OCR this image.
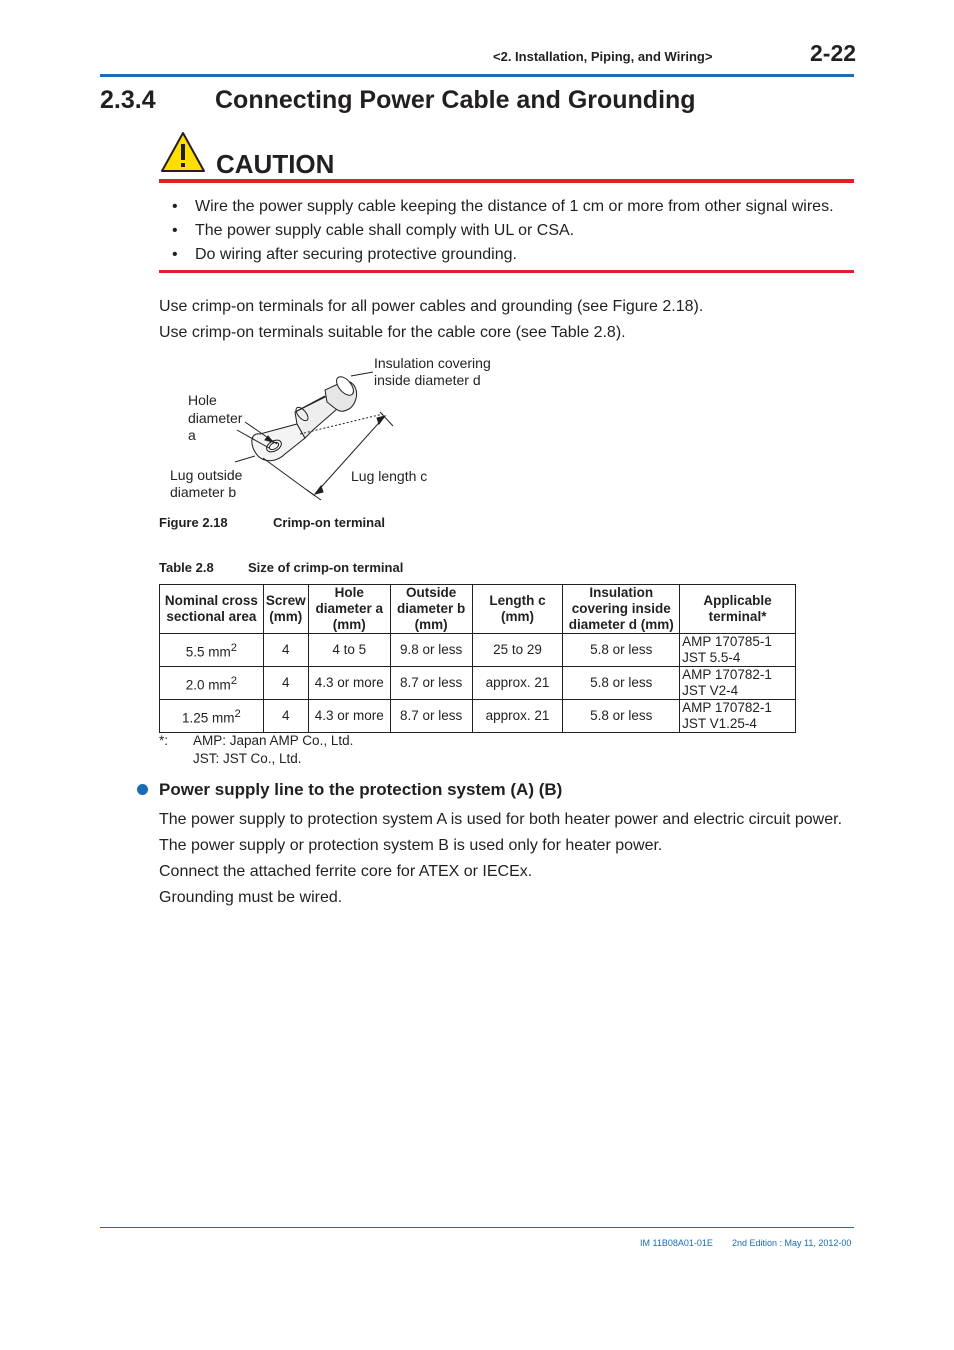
<2. Installation, Piping, and Wiring>	2-22
2.3.4 Connecting Power Cable and Grounding
CAUTION
• Wire the power supply cable keeping the distance of 1 cm or more from other signal wires.
• The power supply cable shall comply with UL or CSA.
• Do wiring after securing protective grounding.
Use crimp-on terminals for all power cables and grounding (see Figure 2.18).
Use crimp-on terminals suitable for the cable core (see Table 2.8).
Insulation covering
inside diameter d
Hole
diameter
a
Lug outside
diameter b
Lug length c
Figure 2.18	Crimp-on terminal
Table 2.8	Size of crimp-on terminal
Nominal cross sectional area	Screw (mm)	Hole diameter a (mm)	Outside diameter b (mm)	Length c (mm)	Insulation covering inside diameter d (mm)	Applicable terminal*
5.5 $mm^2$	4	4 to 5	9.8 or less	25 to 29	5.8 or less	AMP 170785-1
JST 5.5-4

2.0 $mm^2$	4	4.3 or more	8.7 or less	approx. 21	5.8 or less	AMP 170782-1
JST V2-4

1.25 $mm^2$	4	4.3 or more	8.7 or less	approx. 21	5.8 or less	AMP 170782-1
JST V1.25-4
*: AMP: Japan AMP Co., Ltd.
JST: JST Co., Ltd.
Power supply line to the protection system (A) (B)
The power supply to protection system A is used for both heater power and electric circuit power.
The power supply or protection system B is used only for heater power.
Connect the attached ferrite core for ATEX or IECEx.
Grounding must be wired.
IM 11B08A01-01E 2nd Edition : May 11, 2012-00
